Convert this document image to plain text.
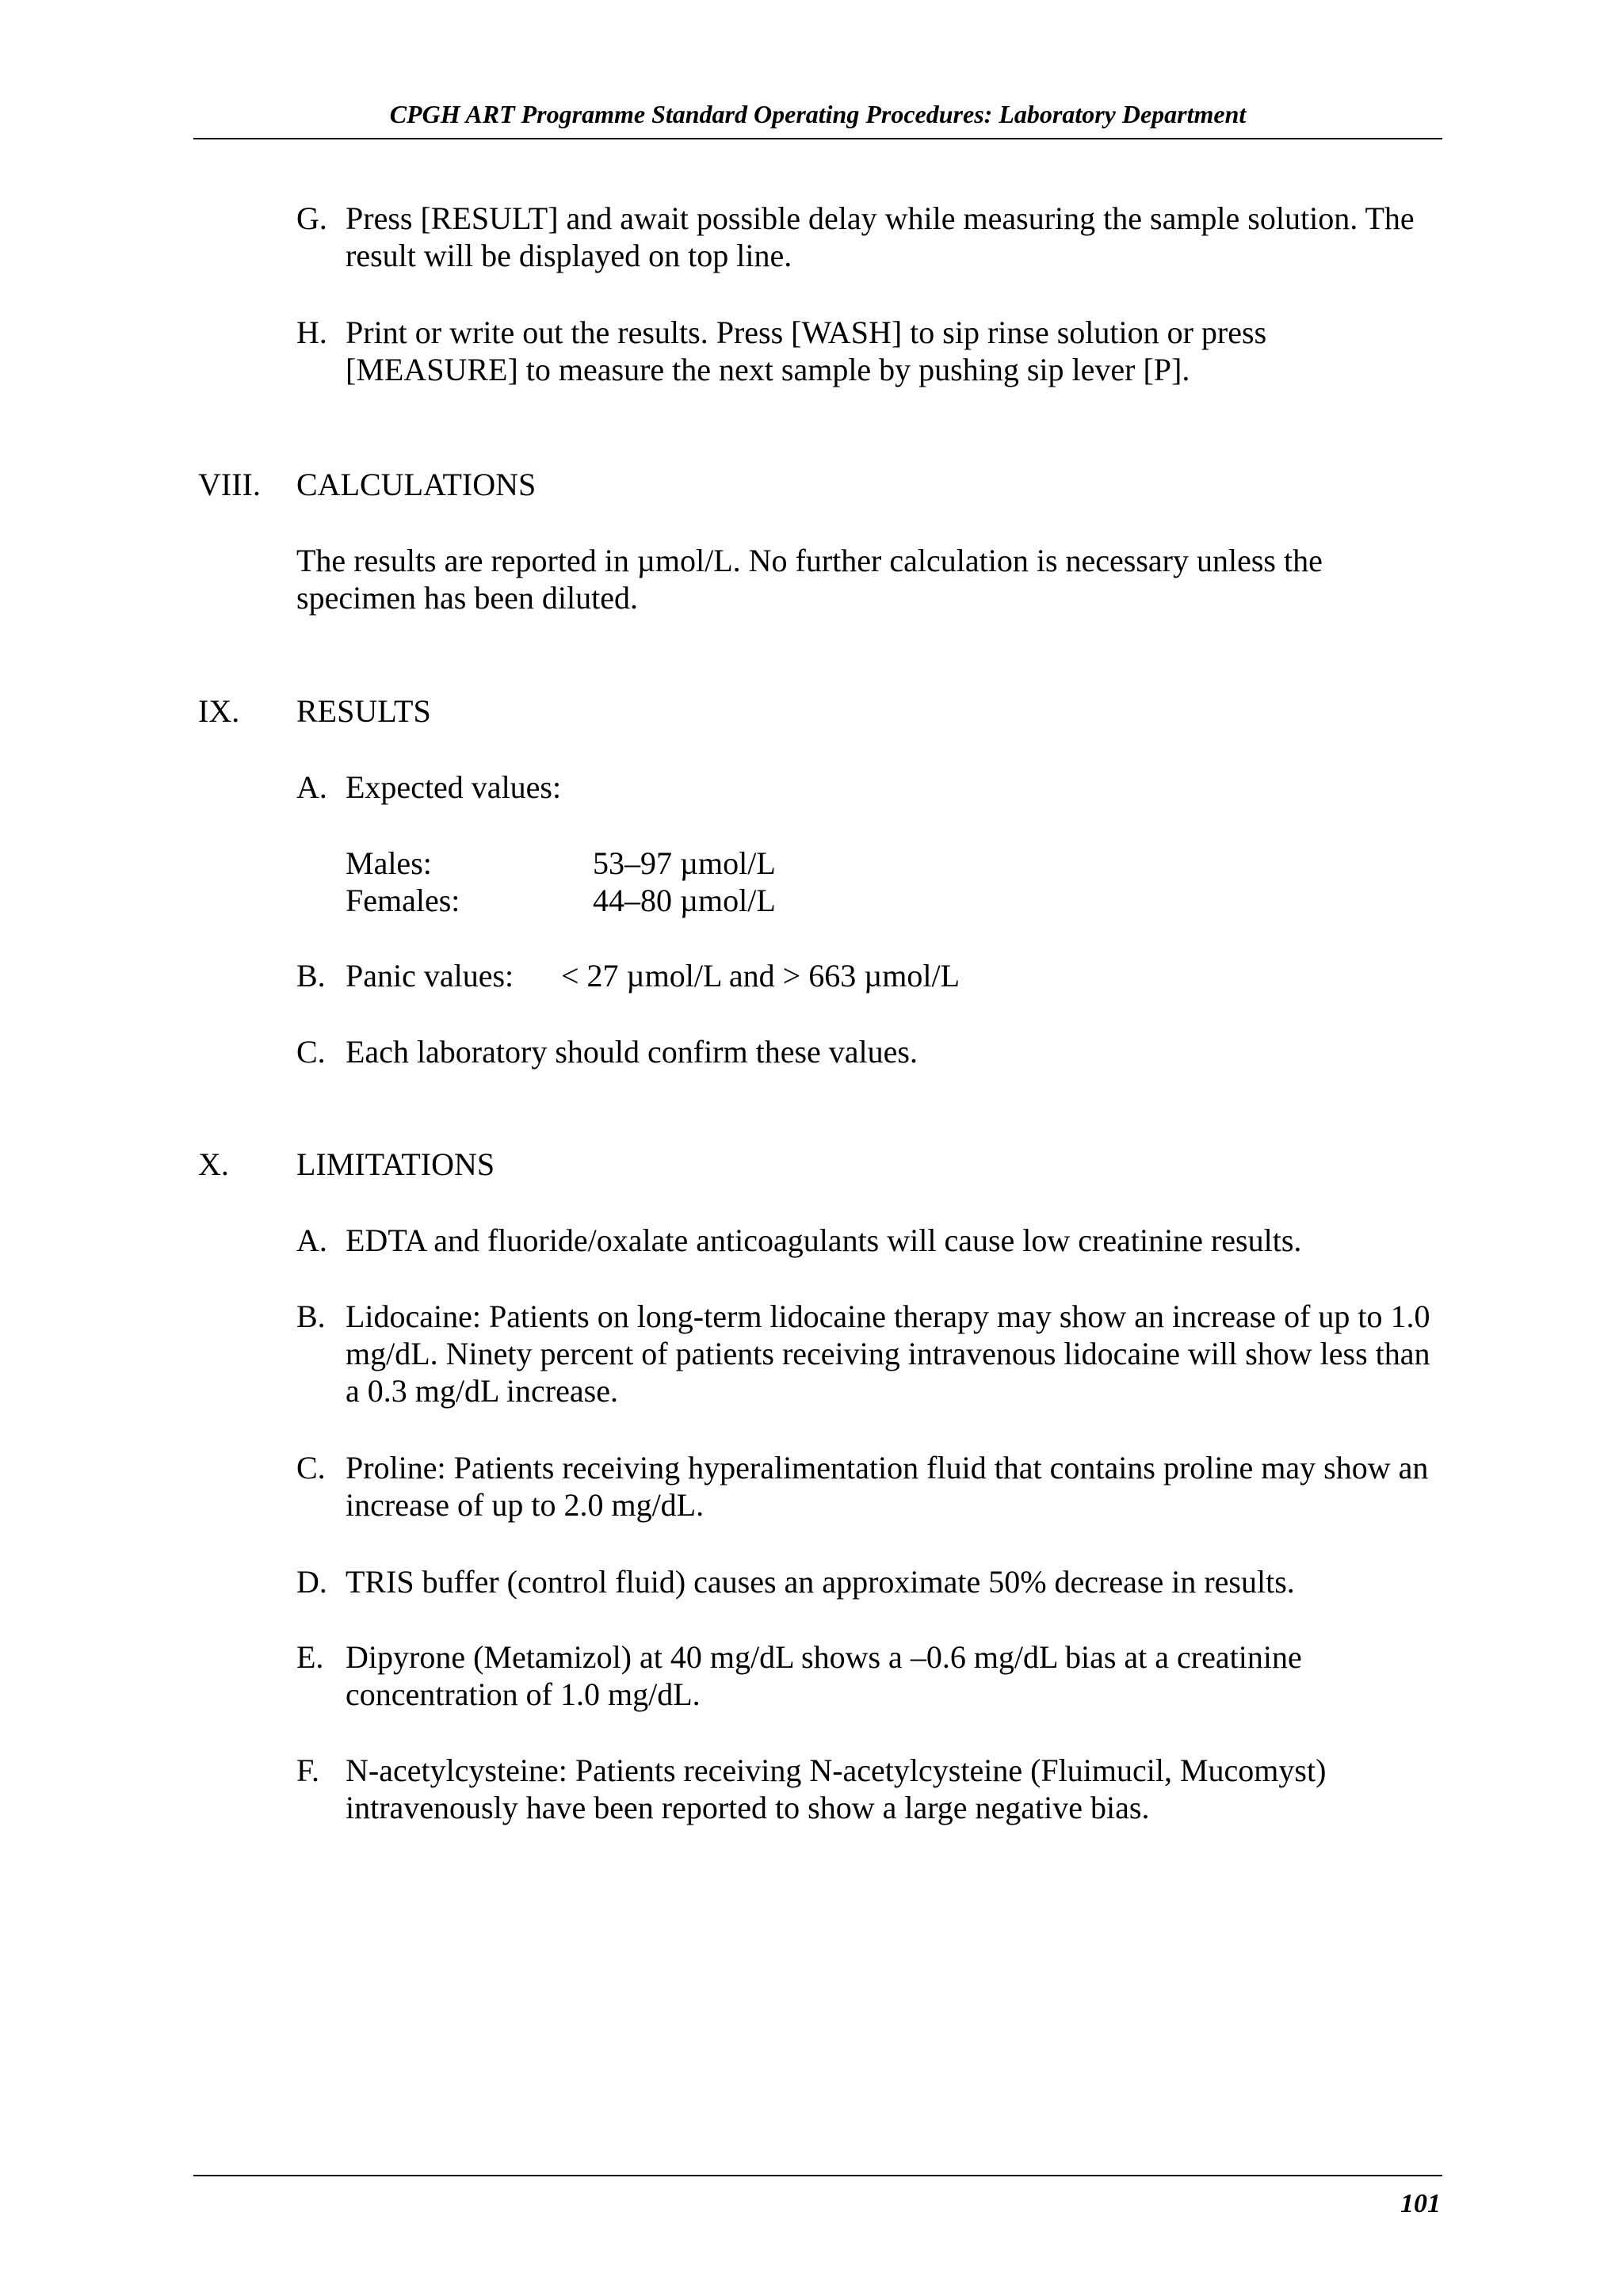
CPGH ART Programme Standard Operating Procedures: Laboratory Department
G. Press [RESULT] and await possible delay while measuring the sample solution. The result will be displayed on top line.
H. Print or write out the results. Press [WASH] to sip rinse solution or press [MEASURE] to measure the next sample by pushing sip lever [P].
VIII. CALCULATIONS
The results are reported in µmol/L. No further calculation is necessary unless the specimen has been diluted.
IX. RESULTS
A. Expected values:
Males:	53–97 µmol/L
Females:	44–80 µmol/L
B. Panic values: < 27 µmol/L and > 663 µmol/L
C. Each laboratory should confirm these values.
X. LIMITATIONS
A. EDTA and fluoride/oxalate anticoagulants will cause low creatinine results.
B. Lidocaine: Patients on long-term lidocaine therapy may show an increase of up to 1.0 mg/dL. Ninety percent of patients receiving intravenous lidocaine will show less than a 0.3 mg/dL increase.
C. Proline: Patients receiving hyperalimentation fluid that contains proline may show an increase of up to 2.0 mg/dL.
D. TRIS buffer (control fluid) causes an approximate 50% decrease in results.
E. Dipyrone (Metamizol) at 40 mg/dL shows a –0.6 mg/dL bias at a creatinine concentration of 1.0 mg/dL.
F. N-acetylcysteine: Patients receiving N-acetylcysteine (Fluimucil, Mucomyst) intravenously have been reported to show a large negative bias.
101
